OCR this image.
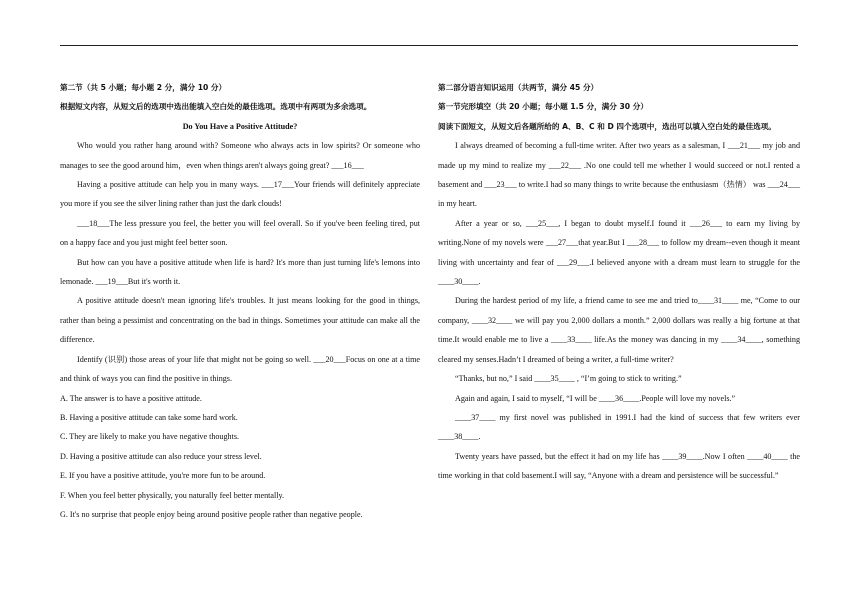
第二节（共 5 小题；每小题 2 分，满分 10 分）

根据短文内容，从短文后的选项中选出能填入空白处的最佳选项。选项中有两项为多余选项。

Do You Have a Positive Attitude?

Who would you rather hang around with? Someone who always acts in low spirits? Or someone who manages to see the good around him，even when things aren't always going great? ___16___

Having a positive attitude can help you in many ways. ___17___Your friends will definitely appreciate you more if you see the silver lining rather than just the dark clouds!

___18___The less pressure you feel, the better you will feel overall. So if you've been feeling tired, put on a happy face and you just might feel better soon.

But how can you have a positive attitude when life is hard? It's more than just turning life's lemons into lemonade. ___19___But it's worth it.

A positive attitude doesn't mean ignoring life's troubles. It just means looking for the good in things, rather than being a pessimist and concentrating on the bad in things. Sometimes your attitude can make all the difference.

Identify (识别) those areas of your life that might not be going so well. ___20___Focus on one at a time and think of ways you can find the positive in things.

A. The answer is to have a positive attitude.

B. Having a positive attitude can take some hard work.

C. They are likely to make you have negative thoughts.

D. Having a positive attitude can also reduce your stress level.

E. If you have a positive attitude, you're more fun to be around.

F. When you feel better physically, you naturally feel better mentally.

G. It's no surprise that people enjoy being around positive people rather than negative people.

第二部分语言知识运用（共两节，满分 45 分）

第一节完形填空（共 20 小题；每小题 1.5 分，满分 30 分）

阅读下面短文，从短文后各题所给的 A、B、C 和 D 四个选项中，选出可以填入空白处的最佳选项。

I always dreamed of becoming a full-time writer. After two years as a salesman, I ___21___ my job and made up my mind to realize my ___22___ .No one could tell me whether I would succeed or not.I rented a basement and ___23___ to write.I had so many things to write because the enthusiasm（热情） was ___24___ in my heart.

After a year or so, ___25___, I began to doubt myself.I found it ___26___ to earn my living by writing.None of my novels were ___27___that year.But I ___28___ to follow my dream--even though it meant living with uncertainty and fear of ___29___.I believed anyone with a dream must learn to struggle for the ____30____.

During the hardest period of my life, a friend came to see me and tried to____31____ me, “Come to our company, ____32____ we will pay you 2,000 dollars a month.” 2,000 dollars was really a big fortune at that time.It would enable me to live a ____33____ life.As the money was dancing in my ____34____, something cleared my senses.Hadn’t I dreamed of being a writer, a full-time writer?

“Thanks, but no,” I said ____35____ , “I’m going to stick to writing.”

Again and again, I said to myself, “I will be ____36____.People will love my novels.”

____37____ my first novel was published in 1991.I had the kind of success that few writers ever ____38____.

Twenty years have passed, but the effect it had on my life has ____39____.Now I often ____40____ the time working in that cold basement.I will say, “Anyone with a dream and persistence will be successful.”
